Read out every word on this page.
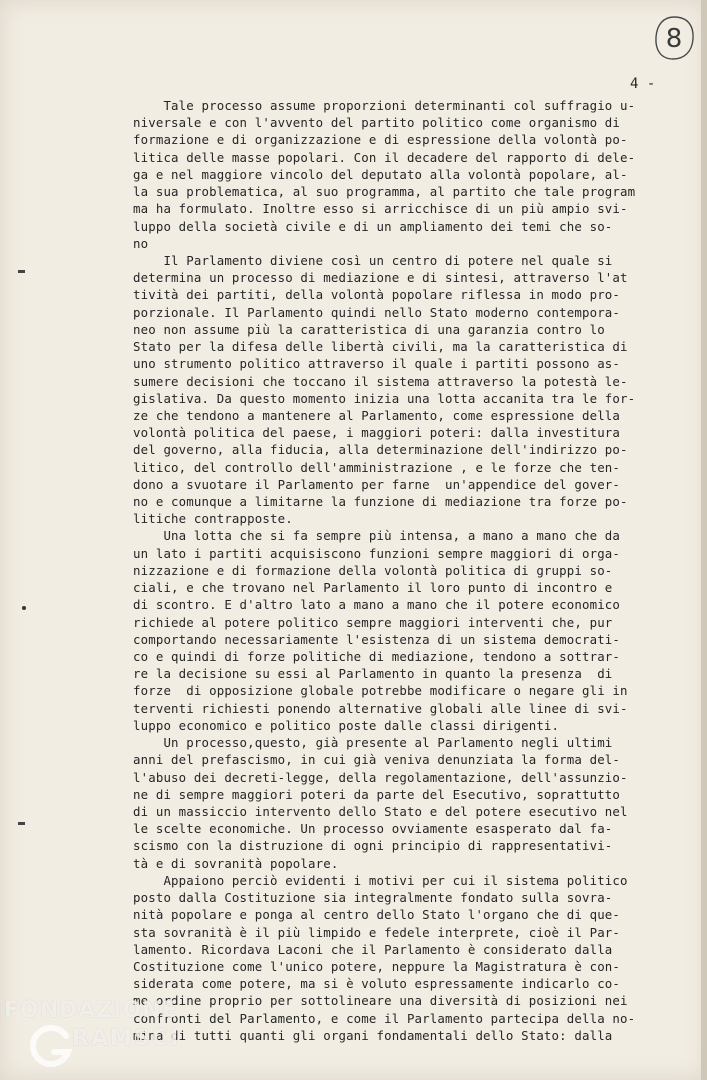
8
4 -
Tale processo assume proporzioni determinanti col suffragio u-
niversale e con l'avvento del partito politico come organismo di
formazione e di organizzazione e di espressione della volontà po-
litica delle masse popolari. Con il decadere del rapporto di dele-
ga e nel maggiore vincolo del deputato alla volontà popolare, al-
la sua problematica, al suo programma, al partito che tale program
ma ha formulato. Inoltre esso si arricchisce di un più ampio svi-
luppo della società civile e di un ampliamento dei temi che so-
no
Il Parlamento diviene così un centro di potere nel quale si
determina un processo di mediazione e di sintesi, attraverso l'at
tività dei partiti, della volontà popolare riflessa in modo pro-
porzionale. Il Parlamento quindi nello Stato moderno contempora-
neo non assume più la caratteristica di una garanzia contro lo
Stato per la difesa delle libertà civili, ma la caratteristica di
uno strumento politico attraverso il quale i partiti possono as-
sumere decisioni che toccano il sistema attraverso la potestà le-
gislativa. Da questo momento inizia una lotta accanita tra le for-
ze che tendono a mantenere al Parlamento, come espressione della
volontà politica del paese, i maggiori poteri: dalla investitura
del governo, alla fiducia, alla determinazione dell'indirizzo po-
litico, del controllo dell'amministrazione , e le forze che ten-
dono a svuotare il Parlamento per farne  un'appendice del gover-
no e comunque a limitarne la funzione di mediazione tra forze po-
litiche contrapposte.
Una lotta che si fa sempre più intensa, a mano a mano che da
un lato i partiti acquisiscono funzioni sempre maggiori di orga-
nizzazione e di formazione della volontà politica di gruppi so-
ciali, e che trovano nel Parlamento il loro punto di incontro e
di scontro. E d'altro lato a mano a mano che il potere economico
richiede al potere politico sempre maggiori interventi che, pur
comportando necessariamente l'esistenza di un sistema democrati-
co e quindi di forze politiche di mediazione, tendono a sottrar-
re la decisione su essi al Parlamento in quanto la presenza  di
forze  di opposizione globale potrebbe modificare o negare gli in
terventi richiesti ponendo alternative globali alle linee di svi-
luppo economico e politico poste dalle classi dirigenti.
Un processo,questo, già presente al Parlamento negli ultimi
anni del prefascismo, in cui già veniva denunziata la forma del-
l'abuso dei decreti-legge, della regolamentazione, dell'assunzio-
ne di sempre maggiori poteri da parte del Esecutivo, soprattutto
di un massiccio intervento dello Stato e del potere esecutivo nel
le scelte economiche. Un processo ovviamente esasperato dal fa-
scismo con la distruzione di ogni principio di rappresentativi-
tà e di sovranità popolare.
Appaiono perciò evidenti i motivi per cui il sistema politico
posto dalla Costituzione sia integralmente fondato sulla sovra-
nità popolare e ponga al centro dello Stato l'organo che di que-
sta sovranità è il più limpido e fedele interprete, cioè il Par-
lamento. Ricordava Laconi che il Parlamento è considerato dalla
Costituzione come l'unico potere, neppure la Magistratura è con-
siderata come potere, ma si è voluto espressamente indicarlo co-
me ordine proprio per sottolineare una diversità di posizioni nei
confronti del Parlamento, e come il Parlamento partecipa della no-
mina di tutti quanti gli organi fondamentali dello Stato: dalla
FONDAZIONE
RAMSCI
